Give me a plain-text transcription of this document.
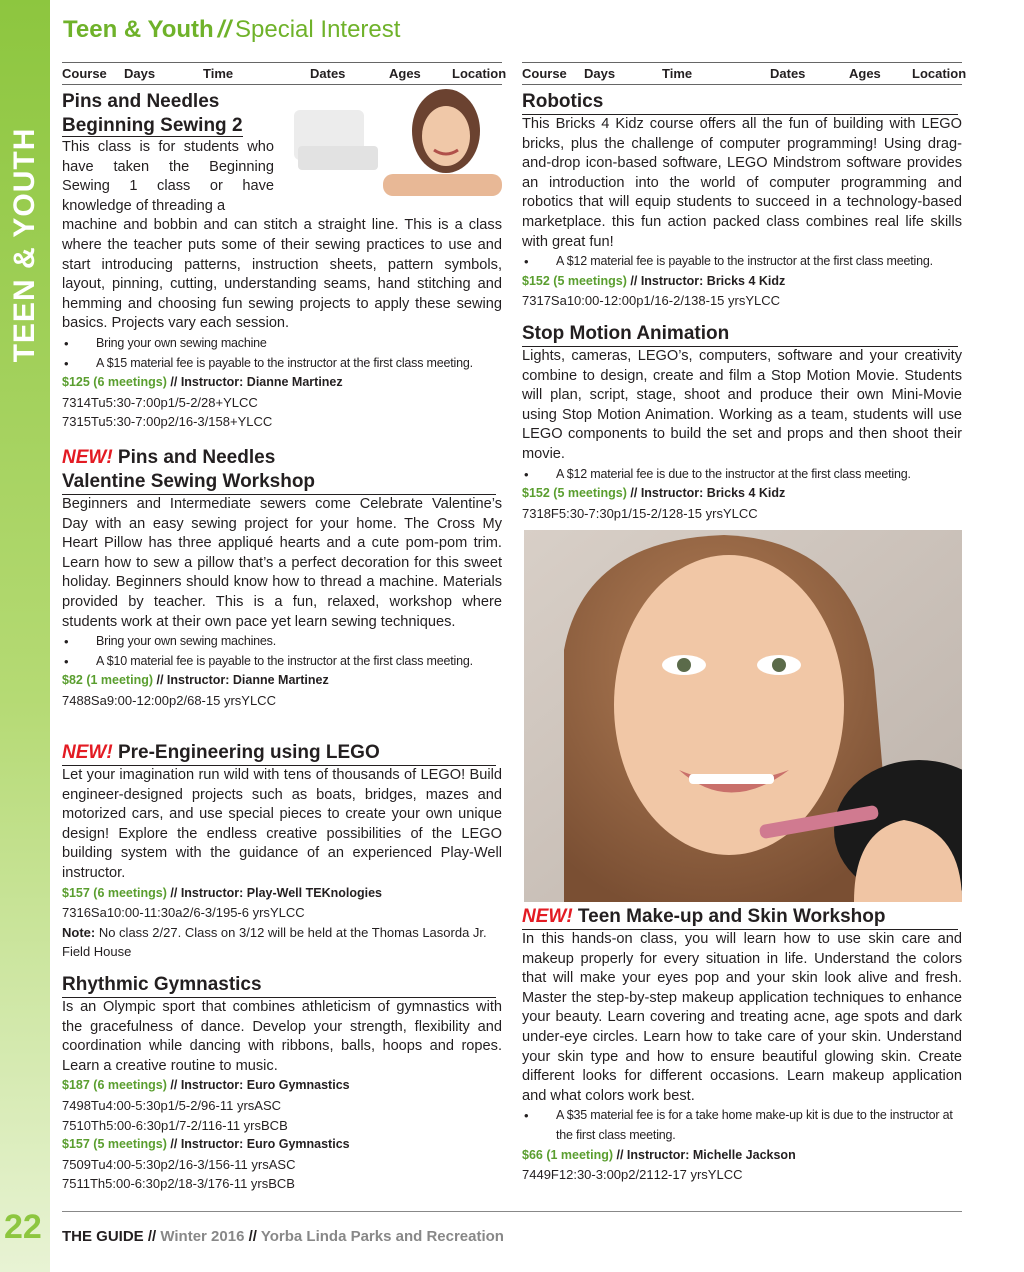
TEEN & YOUTH
22
Teen & Youth // Special Interest
Course	Days	Time	Dates	Ages	Location
Pins and Needles
Beginning Sewing 2

This class is for students who have taken the Beginning Sewing 1 class or have knowledge of threading a

machine and bobbin and can stitch a straight line. This is a class where the teacher puts some of their sewing practices to use and start introducing patterns, instruction sheets, pattern symbols, layout, pinning, cutting, understanding seams, hand stitching and hemming and choosing fun sewing projects to apply these sewing basics. Projects vary each session.

• Bring your own sewing machine
• A $15 material fee is payable to the instructor at the first class meeting.
$125 (6 meetings) // Instructor: Dianne Martinez
7314 Tu 5:30-7:00p 1/5-2/2 8+ YLCC
7315 Tu 5:30-7:00p 2/16-3/15 8+ YLCC
NEW! Pins and Needles
Valentine Sewing Workshop

Beginners and Intermediate sewers come Celebrate Valentine’s Day with an easy sewing project for your home. The Cross My Heart Pillow has three appliqué hearts and a cute pom-pom trim. Learn how to sew a pillow that’s a perfect decoration for this sweet holiday. Beginners should know how to thread a machine. Materials provided by teacher. This is a fun, relaxed, workshop where students work at their own pace yet learn sewing techniques.

• Bring your own sewing machines.
• A $10 material fee is payable to the instructor at the first class meeting.
$82 (1 meeting) // Instructor: Dianne Martinez
7488 Sa 9:00-12:00p 2/6 8-15 yrs YLCC
NEW! Pre-Engineering using LEGO

Let your imagination run wild with tens of thousands of LEGO! Build engineer-designed projects such as boats, bridges, mazes and motorized cars, and use special pieces to create your own unique design! Explore the endless creative possibilities of the LEGO building system with the guidance of an experienced Play-Well instructor.

$157 (6 meetings) // Instructor: Play-Well TEKnologies
7316 Sa 10:00-11:30a 2/6-3/19 5-6 yrs YLCC
Note: No class 2/27. Class on 3/12 will be held at the Thomas Lasorda Jr. Field House
Rhythmic Gymnastics

Is an Olympic sport that combines athleticism of gymnastics with the gracefulness of dance. Develop your strength, flexibility and coordination while dancing with ribbons, balls, hoops and ropes. Learn a creative routine to music.

$187 (6 meetings) // Instructor: Euro Gymnastics
7498 Tu 4:00-5:30p 1/5-2/9 6-11 yrs ASC
7510 Th 5:00-6:30p 1/7-2/11 6-11 yrs BCB
$157 (5 meetings) // Instructor: Euro Gymnastics
7509 Tu 4:00-5:30p 2/16-3/15 6-11 yrs ASC
7511 Th 5:00-6:30p 2/18-3/17 6-11 yrs BCB
Course	Days	Time	Dates	Ages	Location
Robotics

This Bricks 4 Kidz course offers all the fun of building with LEGO bricks, plus the challenge of computer programming! Using drag-and-drop icon-based software, LEGO Mindstrom software provides an introduction into the world of computer programming and robotics that will equip students to succeed in a technology-based marketplace. this fun action packed class combines real life skills with great fun!

• A $12 material fee is payable to the instructor at the first class meeting.
$152 (5 meetings) // Instructor: Bricks 4 Kidz
7317 Sa 10:00-12:00p 1/16-2/13 8-15 yrs YLCC
Stop Motion Animation

Lights, cameras, LEGO’s, computers, software and your creativity combine to design, create and film a Stop Motion Movie. Students will plan, script, stage, shoot and produce their own Mini-Movie using Stop Motion Animation. Working as a team, students will use LEGO components to build the set and props and then shoot their movie.

• A $12 material fee is due to the instructor at the first class meeting.
$152 (5 meetings) // Instructor: Bricks 4 Kidz
7318 F 5:30-7:30p 1/15-2/12 8-15 yrs YLCC
NEW! Teen Make-up and Skin Workshop

In this hands-on class, you will learn how to use skin care and makeup properly for every situation in life. Understand the colors that will make your eyes pop and your skin look alive and fresh. Master the step-by-step makeup application techniques to enhance your beauty. Learn covering and treating acne, age spots and dark under-eye circles. Learn how to take care of your skin. Understand your skin type and how to ensure beautiful glowing skin. Create different looks for different occasions. Learn makeup application and what colors work best.

• A $35 material fee is for a take home make-up kit is due to the instructor at the first class meeting.
$66 (1 meeting) // Instructor: Michelle Jackson
7449 F 12:30-3:00p 2/21 12-17 yrs YLCC
THE GUIDE // Winter 2016 // Yorba Linda Parks and Recreation
